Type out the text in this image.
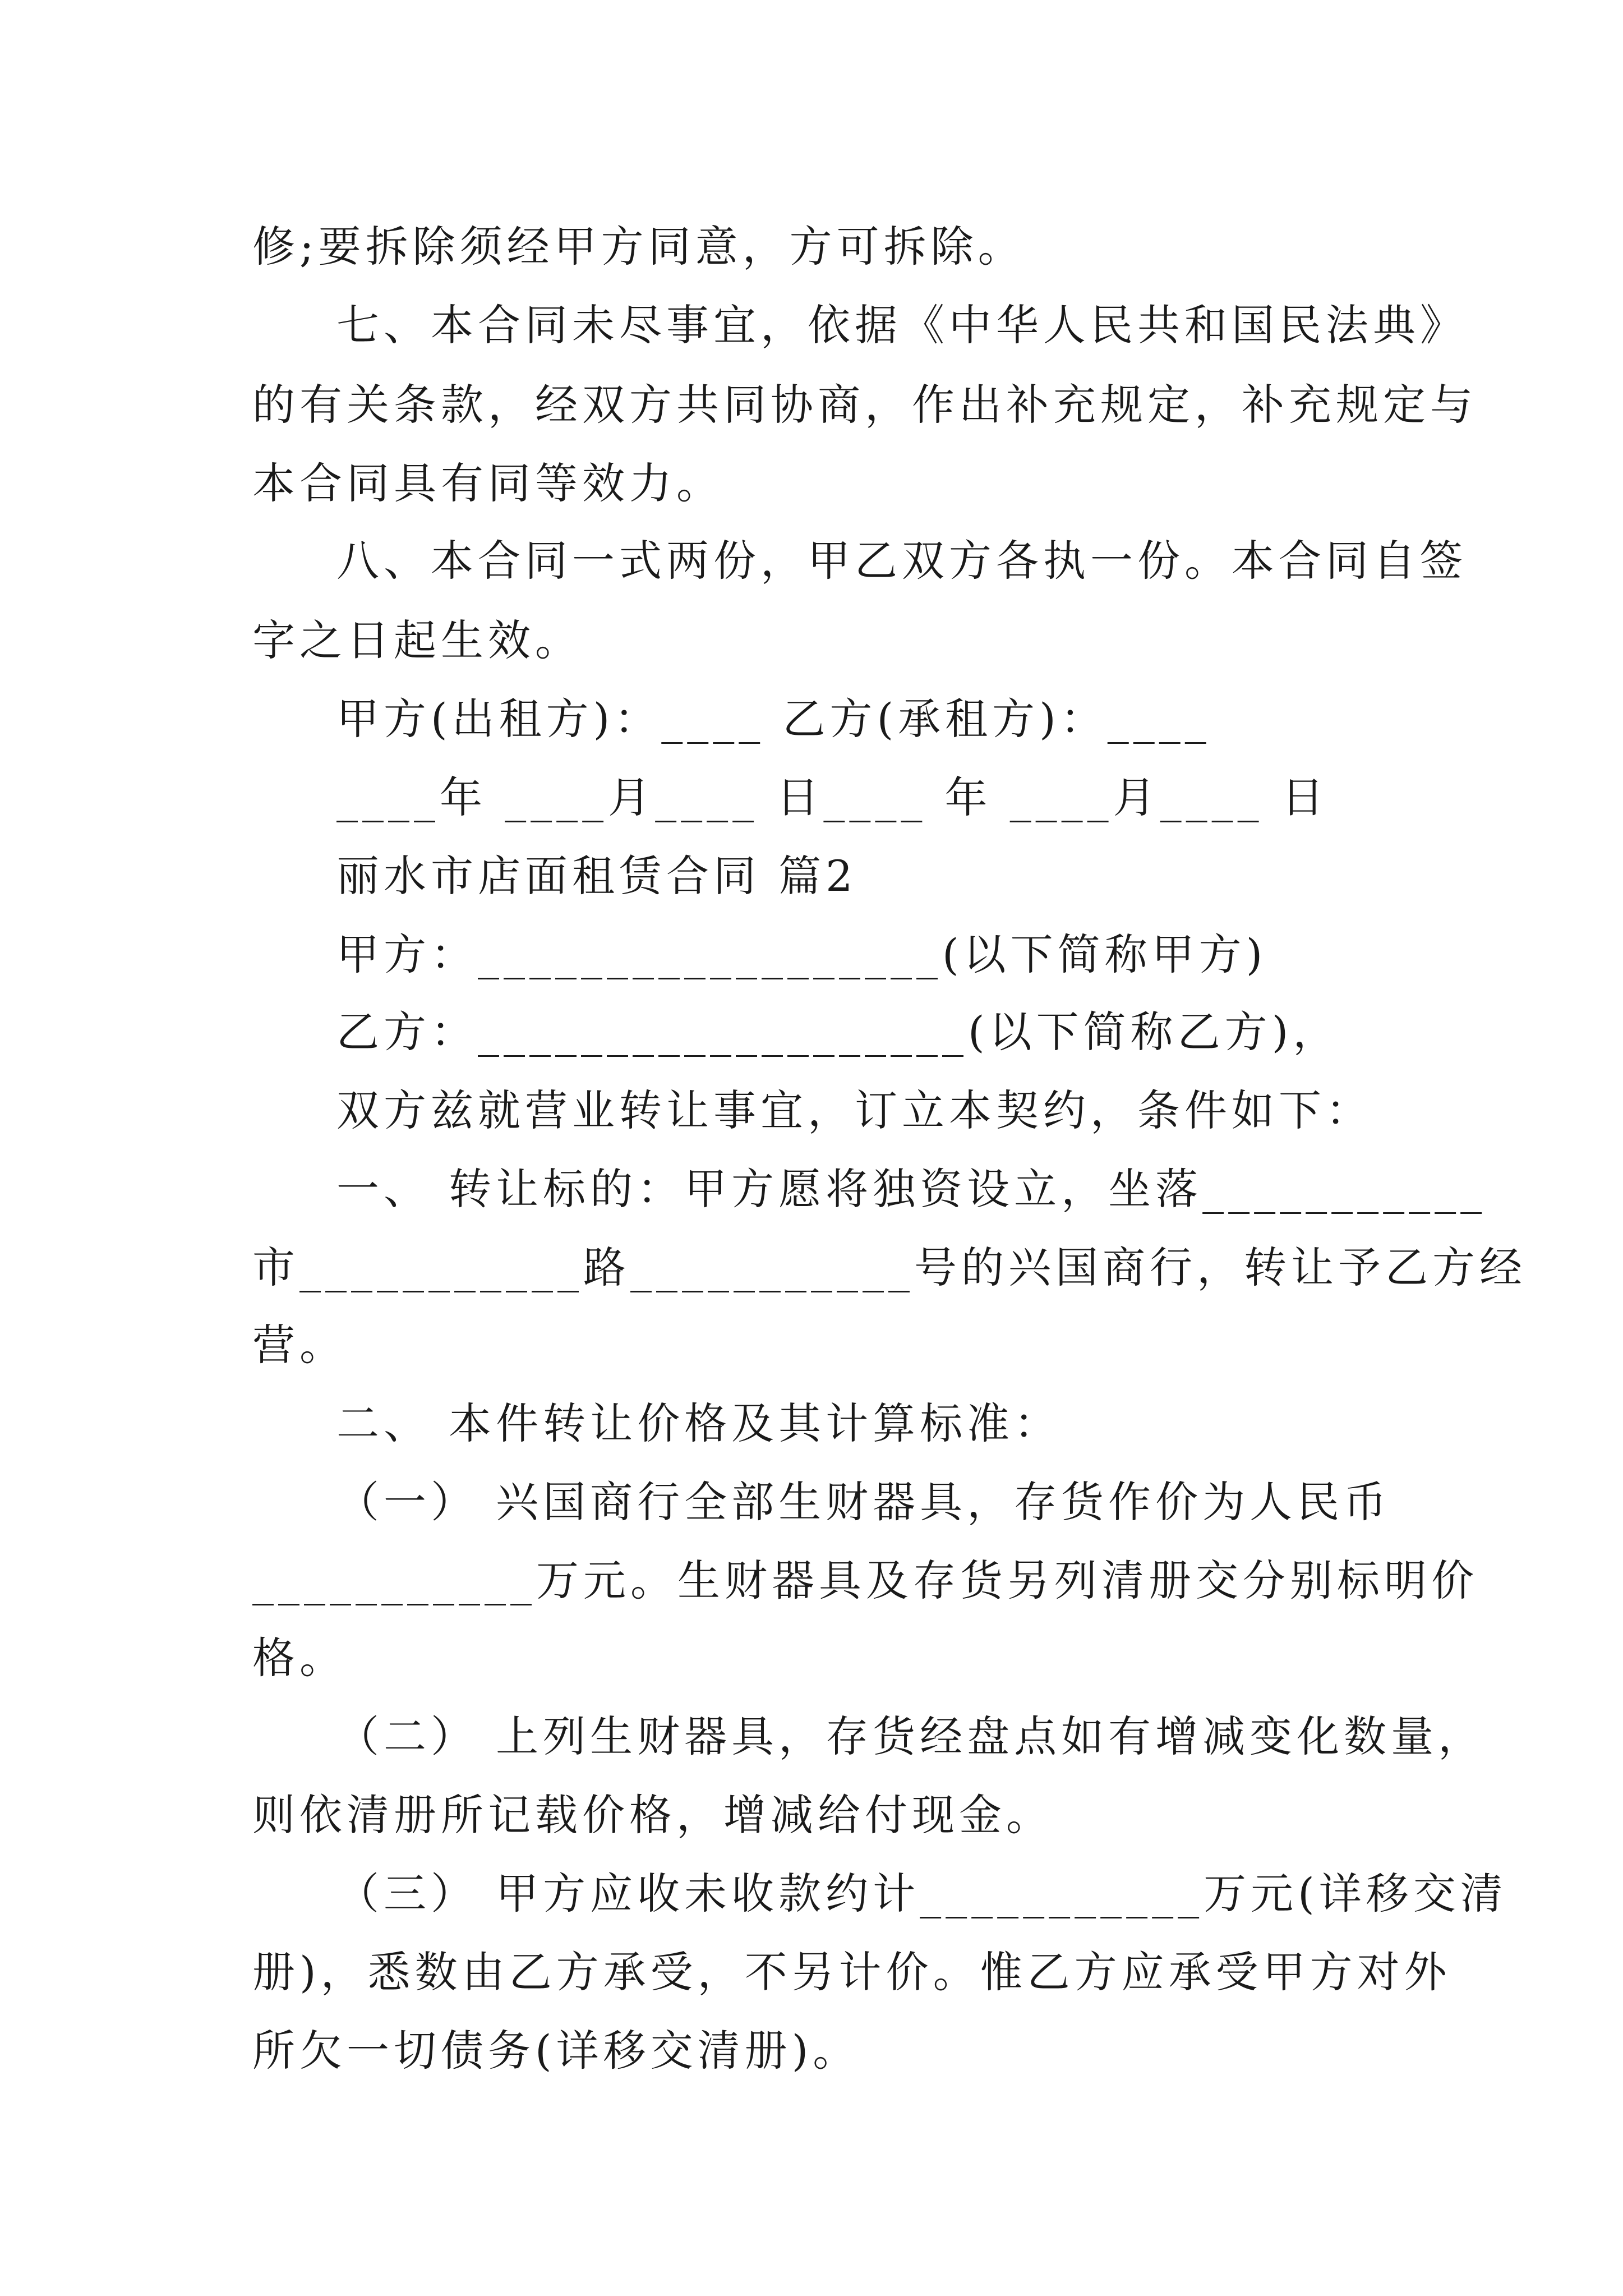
修;要拆除须经甲方同意，方可拆除。
七、本合同未尽事宜，依据《中华人民共和国民法典》
的有关条款，经双方共同协商，作出补充规定，补充规定与
本合同具有同等效力。
八、本合同一式两份，甲乙双方各执一份。本合同自签
字之日起生效。
甲方(出租方)：____ 乙方(承租方)：____
____年 ____月____ 日____ 年 ____月____ 日
丽水市店面租赁合同 篇2
甲方：__________________(以下简称甲方)
乙方：___________________(以下简称乙方)，
双方兹就营业转让事宜，订立本契约，条件如下：
一、 转让标的：甲方愿将独资设立，坐落___________
市___________路___________号的兴国商行，转让予乙方经
营。
二、 本件转让价格及其计算标准：
（一） 兴国商行全部生财器具，存货作价为人民币
___________万元。生财器具及存货另列清册交分别标明价
格。
（二） 上列生财器具，存货经盘点如有增减变化数量，
则依清册所记载价格，增减给付现金。
（三） 甲方应收未收款约计___________万元(详移交清
册)，悉数由乙方承受，不另计价。惟乙方应承受甲方对外
所欠一切债务(详移交清册)。
